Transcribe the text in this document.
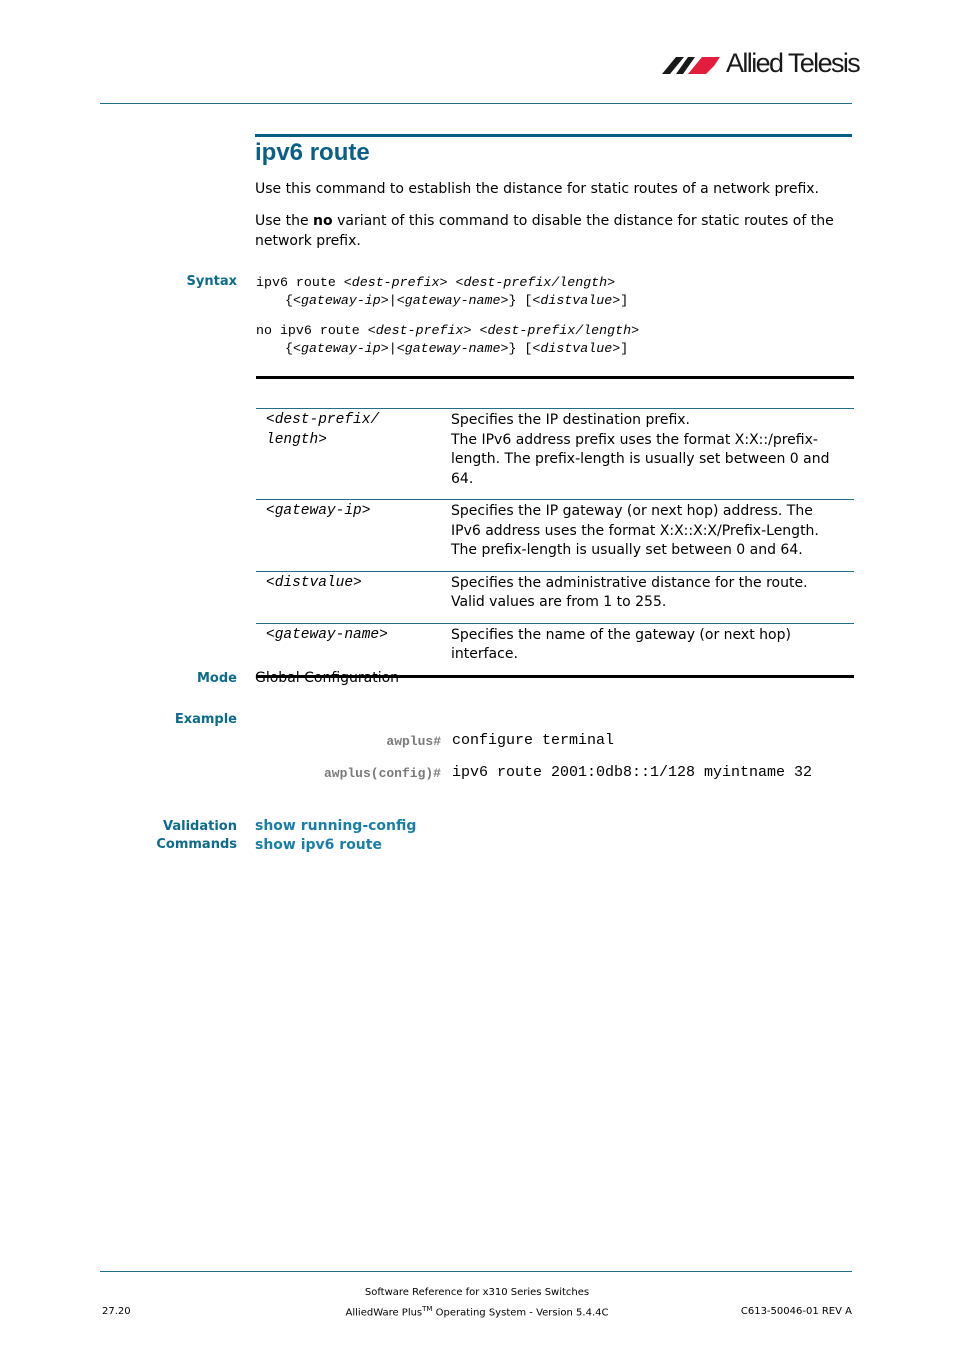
Allied Telesis
ipv6 route
Use this command to establish the distance for static routes of a network prefix.
Use the no variant of this command to disable the distance for static routes of the network prefix.
Syntax ipv6 route <dest-prefix> <dest-prefix/length>
{<gateway-ip>|<gateway-name>} [<distvalue>]
no ipv6 route <dest-prefix> <dest-prefix/length>
{<gateway-ip>|<gateway-name>} [<distvalue>]
<dest-prefix/
length>	Specifies the IP destination prefix.
The IPv6 address prefix uses the format X:X::/prefix-length. The prefix-length is usually set between 0 and 64.
<gateway-ip>	Specifies the IP gateway (or next hop) address. The IPv6 address uses the format X:X::X:X/Prefix-Length. The prefix-length is usually set between 0 and 64.
<distvalue>	Specifies the administrative distance for the route. Valid values are from 1 to 255.
<gateway-name>	Specifies the name of the gateway (or next hop) interface.
Mode Global Configuration
Example
awplus# configure terminal
awplus(config)# ipv6 route 2001:0db8::1/128 myintname 32
Validation
Commands
show running-config
show ipv6 route
Software Reference for x310 Series Switches
AlliedWare Plus™ Operating System - Version 5.4.4C
27.20	C613-50046-01 REV A
